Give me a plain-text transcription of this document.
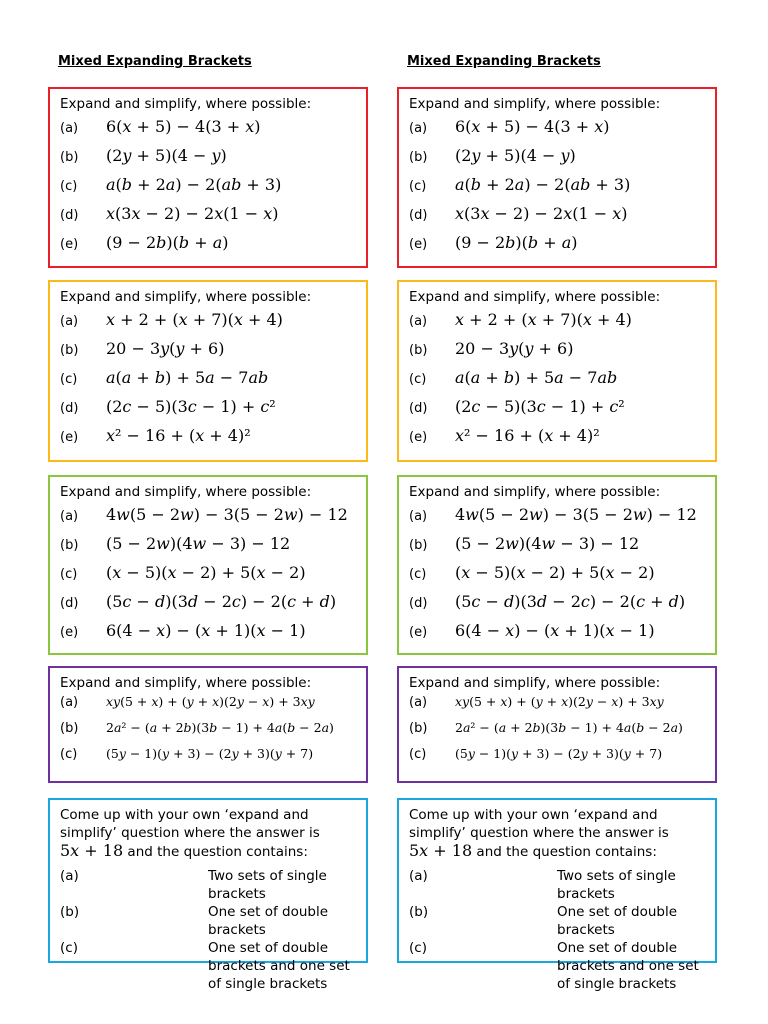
Mixed Expanding Brackets	Mixed Expanding Brackets
Expand and simplify, where possible:
(a)	6(𝑥 + 5) − 4(3 + 𝑥)
(b)	(2𝑦 + 5)(4 − 𝑦)
(c)	𝑎(𝑏 + 2𝑎) − 2(𝑎𝑏 + 3)
(d)	𝑥(3𝑥 − 2) − 2𝑥(1 − 𝑥)
(e)	(9 − 2𝑏)(𝑏 + 𝑎)
Expand and simplify, where possible:
(a)	𝑥 + 2 + (𝑥 + 7)(𝑥 + 4)
(b)	20 − 3𝑦(𝑦 + 6)
(c)	𝑎(𝑎 + 𝑏) + 5𝑎 − 7𝑎𝑏
(d)	(2𝑐 − 5)(3𝑐 − 1) + 𝑐²
(e)	𝑥² − 16 + (𝑥 + 4)²
Expand and simplify, where possible:
(a)	4𝑤(5 − 2𝑤) − 3(5 − 2𝑤) − 12
(b)	(5 − 2𝑤)(4𝑤 − 3) − 12
(c)	(𝑥 − 5)(𝑥 − 2) + 5(𝑥 − 2)
(d)	(5𝑐 − 𝑑)(3𝑑 − 2𝑐) − 2(𝑐 + 𝑑)
(e)	6(4 − 𝑥) − (𝑥 + 1)(𝑥 − 1)
Expand and simplify, where possible:
(a)	𝑥𝑦(5 + 𝑥) + (𝑦 + 𝑥)(2𝑦 − 𝑥) + 3𝑥𝑦
(b)	2𝑎² − (𝑎 + 2𝑏)(3𝑏 − 1) + 4𝑎(𝑏 − 2𝑎)
(c)	(5𝑦 − 1)(𝑦 + 3) − (2𝑦 + 3)(𝑦 + 7)
Come up with your own ‘expand and
simplify’ question where the answer is
5𝑥 + 18 and the question contains:
(a)	Two sets of single brackets
(b)	One set of double brackets
(c)	One set of double brackets and one set of single brackets
Expand and simplify, where possible:
(a)	6(𝑥 + 5) − 4(3 + 𝑥)
(b)	(2𝑦 + 5)(4 − 𝑦)
(c)	𝑎(𝑏 + 2𝑎) − 2(𝑎𝑏 + 3)
(d)	𝑥(3𝑥 − 2) − 2𝑥(1 − 𝑥)
(e)	(9 − 2𝑏)(𝑏 + 𝑎)
Expand and simplify, where possible:
(a)	𝑥 + 2 + (𝑥 + 7)(𝑥 + 4)
(b)	20 − 3𝑦(𝑦 + 6)
(c)	𝑎(𝑎 + 𝑏) + 5𝑎 − 7𝑎𝑏
(d)	(2𝑐 − 5)(3𝑐 − 1) + 𝑐²
(e)	𝑥² − 16 + (𝑥 + 4)²
Expand and simplify, where possible:
(a)	4𝑤(5 − 2𝑤) − 3(5 − 2𝑤) − 12
(b)	(5 − 2𝑤)(4𝑤 − 3) − 12
(c)	(𝑥 − 5)(𝑥 − 2) + 5(𝑥 − 2)
(d)	(5𝑐 − 𝑑)(3𝑑 − 2𝑐) − 2(𝑐 + 𝑑)
(e)	6(4 − 𝑥) − (𝑥 + 1)(𝑥 − 1)
Expand and simplify, where possible:
(a)	𝑥𝑦(5 + 𝑥) + (𝑦 + 𝑥)(2𝑦 − 𝑥) + 3𝑥𝑦
(b)	2𝑎² − (𝑎 + 2𝑏)(3𝑏 − 1) + 4𝑎(𝑏 − 2𝑎)
(c)	(5𝑦 − 1)(𝑦 + 3) − (2𝑦 + 3)(𝑦 + 7)
Come up with your own ‘expand and
simplify’ question where the answer is
5𝑥 + 18 and the question contains:
(a)	Two sets of single brackets
(b)	One set of double brackets
(c)	One set of double brackets and one set of single brackets
